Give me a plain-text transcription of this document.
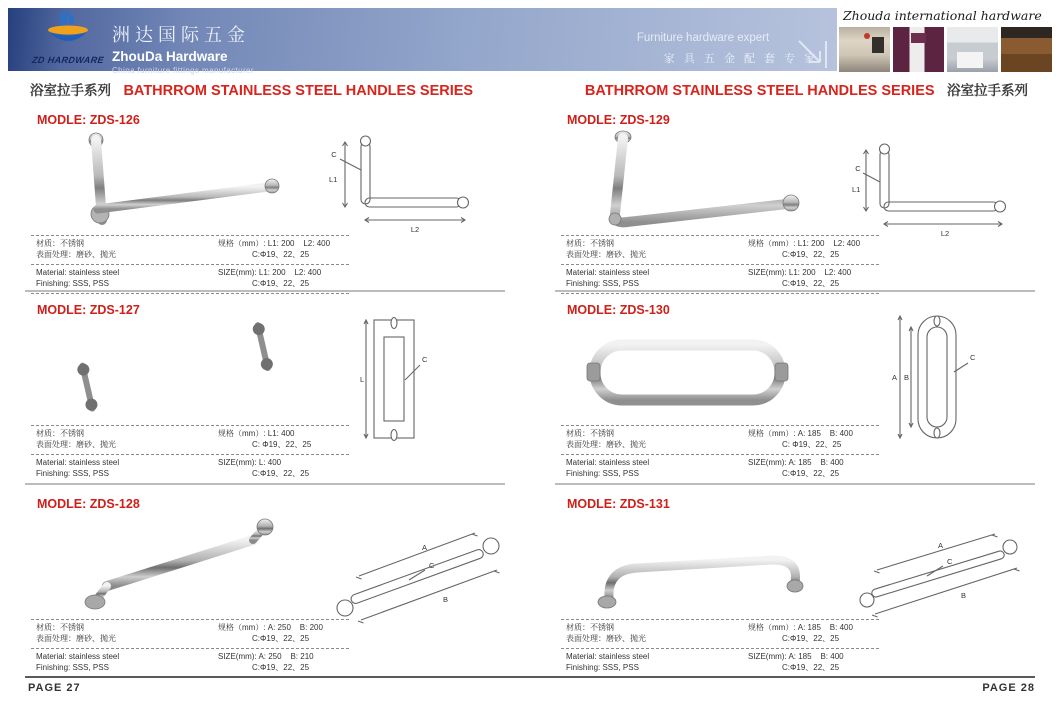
ZD HARDWARE
洲达国际五金
ZhouDa Hardware
China furniture fittings manufacturer
Furniture hardware expert
家 具 五 金 配 套 专 家
Zhouda international hardware
浴室拉手系列 BATHRROM STAINLESS STEEL HANDLES SERIES	BATHRROM STAINLESS STEEL HANDLES SERIES 浴室拉手系列
MODLE: ZDS-126
C
L1
L2
材质：不锈钢
表面处理：磨砂、抛光
规格（mm）: L1: 200    L2: 400
C:Φ19、22、25
Material: stainless steel
Finishing: SSS, PSS
SIZE(mm): L1: 200    L2: 400
C:Φ19、22、25
MODLE: ZDS-127
L
C
材质：不锈钢
表面处理：磨砂、抛光
规格（mm）: L1: 400
C: Φ19、22、25
Material: stainless steel
Finishing: SSS, PSS
SIZE(mm): L: 400
C:Φ19、22、25
MODLE: ZDS-128
A
B
C
材质：不锈钢
表面处理：磨砂、抛光
规格（mm）: A: 250    B: 200
C:Φ19、22、25
Material: stainless steel
Finishing: SSS, PSS
SIZE(mm): A: 250    B: 210
C:Φ19、22、25
MODLE: ZDS-129
C
L1
L2
材质：不锈钢
表面处理：磨砂、抛光
规格（mm）: L1: 200    L2: 400
C:Φ19、22、25
Material: stainless steel
Finishing: SSS, PSS
SIZE(mm): L1: 200    L2: 400
C:Φ19、22、25
MODLE: ZDS-130
A B
C
材质：不锈钢
表面处理：磨砂、抛光
规格（mm）: A: 185    B: 400
C: Φ19、22、25
Material: stainless steel
Finishing: SSS, PSS
SIZE(mm): A: 185    B: 400
C:Φ19、22、25
MODLE: ZDS-131
A
B
C
材质：不锈钢
表面处理：磨砂、抛光
规格（mm）: A: 185    B: 400
C:Φ19、22、25
Material: stainless steel
Finishing: SSS, PSS
SIZE(mm): A: 185    B: 400
C:Φ19、22、25
PAGE 27	PAGE 28
